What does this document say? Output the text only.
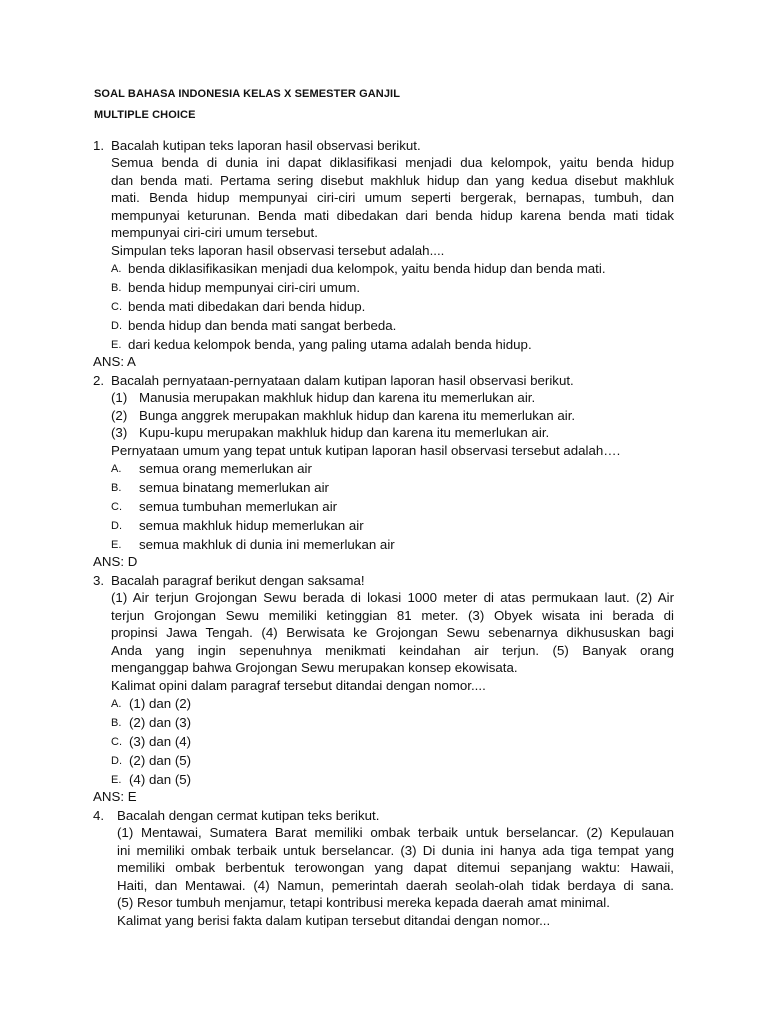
SOAL BAHASA INDONESIA KELAS X SEMESTER GANJIL
MULTIPLE CHOICE
1. Bacalah kutipan teks laporan hasil observasi berikut.
Semua benda di dunia ini dapat diklasifikasi menjadi dua kelompok, yaitu benda hidup
dan benda mati. Pertama sering disebut makhluk hidup dan yang kedua disebut makhluk
mati. Benda hidup mempunyai ciri-ciri umum seperti bergerak, bernapas, tumbuh, dan
mempunyai keturunan. Benda mati dibedakan dari benda hidup karena benda mati tidak
mempunyai ciri-ciri umum tersebut.
Simpulan teks laporan hasil observasi tersebut adalah....
A. benda diklasifikasikan menjadi dua kelompok, yaitu benda hidup dan benda mati.
B. benda hidup mempunyai ciri-ciri umum.
C. benda mati dibedakan dari benda hidup.
D. benda hidup dan benda mati sangat berbeda.
E. dari kedua kelompok benda, yang paling utama adalah benda hidup.
ANS: A
2. Bacalah pernyataan-pernyataan dalam kutipan laporan hasil observasi berikut.
(1) Manusia merupakan makhluk hidup dan karena itu memerlukan air.
(2) Bunga anggrek merupakan makhluk hidup dan karena itu memerlukan air.
(3) Kupu-kupu merupakan makhluk hidup dan karena itu memerlukan air.
Pernyataan umum yang tepat untuk kutipan laporan hasil observasi tersebut adalah….
A. semua orang memerlukan air
B. semua binatang memerlukan air
C. semua tumbuhan memerlukan air
D. semua makhluk hidup memerlukan air
E. semua makhluk di dunia ini memerlukan air
ANS: D
3. Bacalah paragraf berikut dengan saksama!
(1) Air terjun Grojongan Sewu berada di lokasi 1000 meter di atas permukaan laut. (2) Air
terjun Grojongan Sewu memiliki ketinggian 81 meter. (3) Obyek wisata ini berada di
propinsi Jawa Tengah. (4) Berwisata ke Grojongan Sewu sebenarnya dikhususkan bagi
Anda yang ingin sepenuhnya menikmati keindahan air terjun. (5) Banyak orang
menganggap bahwa Grojongan Sewu merupakan konsep ekowisata.
Kalimat opini dalam paragraf tersebut ditandai dengan nomor....
A. (1) dan (2)
B. (2) dan (3)
C. (3) dan (4)
D. (2) dan (5)
E. (4) dan (5)
ANS: E
4. Bacalah dengan cermat kutipan teks berikut.
(1) Mentawai, Sumatera Barat memiliki ombak terbaik untuk berselancar. (2) Kepulauan
ini memiliki ombak terbaik untuk berselancar. (3) Di dunia ini hanya ada tiga tempat yang
memiliki ombak berbentuk terowongan yang dapat ditemui sepanjang waktu: Hawaii,
Haiti, dan Mentawai. (4) Namun, pemerintah daerah seolah-olah tidak berdaya di sana.
(5) Resor tumbuh menjamur, tetapi kontribusi mereka kepada daerah amat minimal.
Kalimat yang berisi fakta dalam kutipan tersebut ditandai dengan nomor...
